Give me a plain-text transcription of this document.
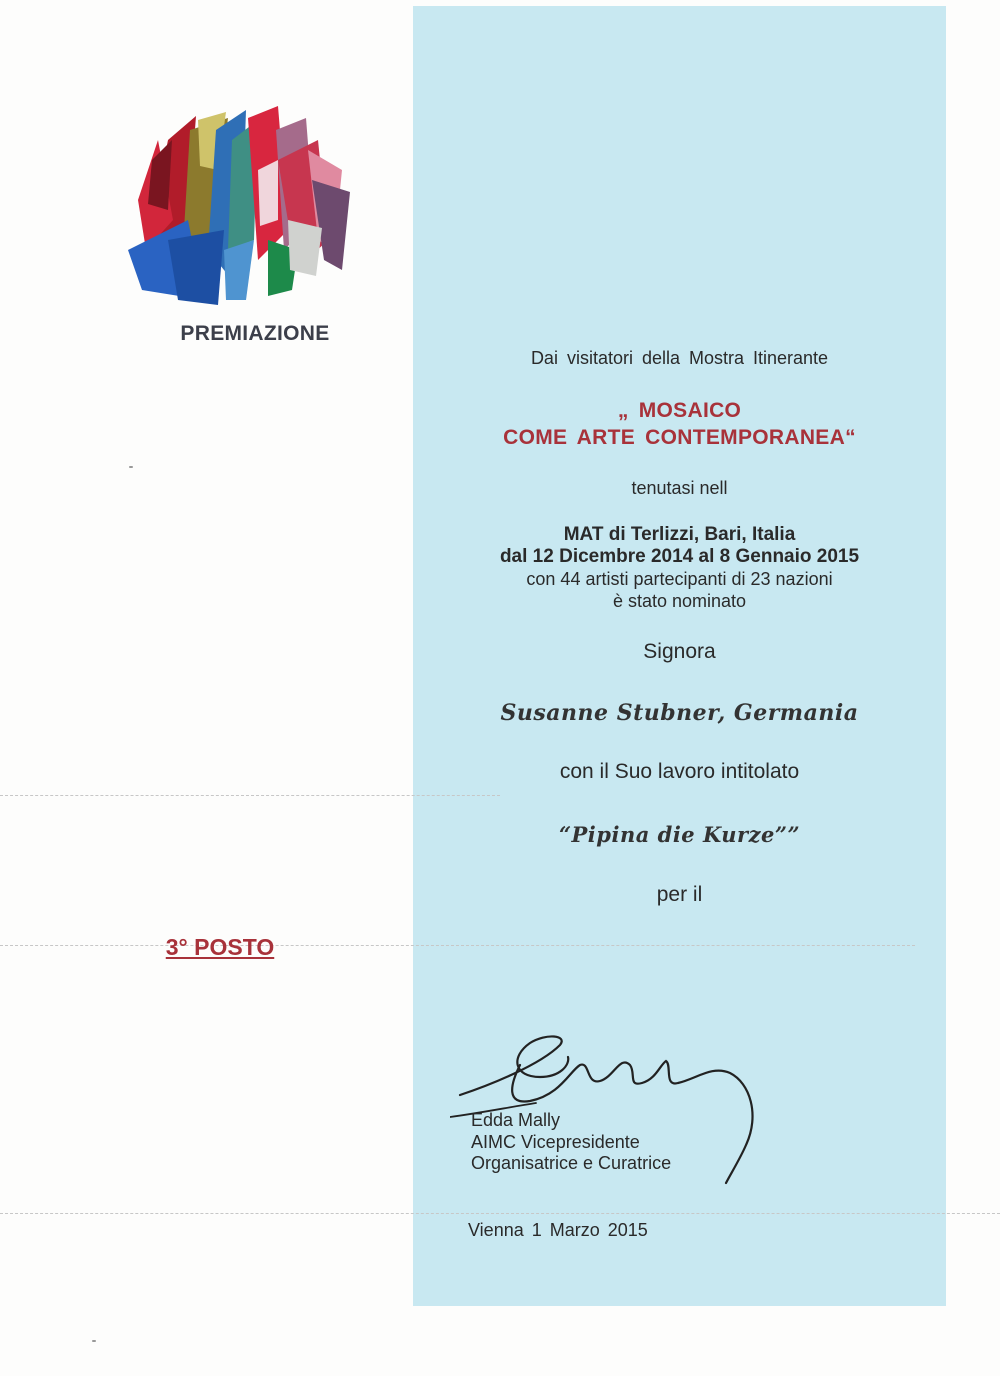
PREMIAZIONE
3° POSTO
Dai visitatori della Mostra Itinerante
„ MOSAICO
COME ARTE CONTEMPORANEA“
tenutasi nell
MAT di Terlizzi, Bari, Italia
dal 12 Dicembre 2014 al 8 Gennaio 2015
con 44 artisti partecipanti di 23 nazioni
è stato nominato
Signora
Susanne Stubner, Germania
con il Suo lavoro intitolato
“Pipina die Kurze””
per il
Edda Mally
Edda Mally
AIMC Vicepresidente
Organisatrice e Curatrice
Vienna 1 Marzo 2015
